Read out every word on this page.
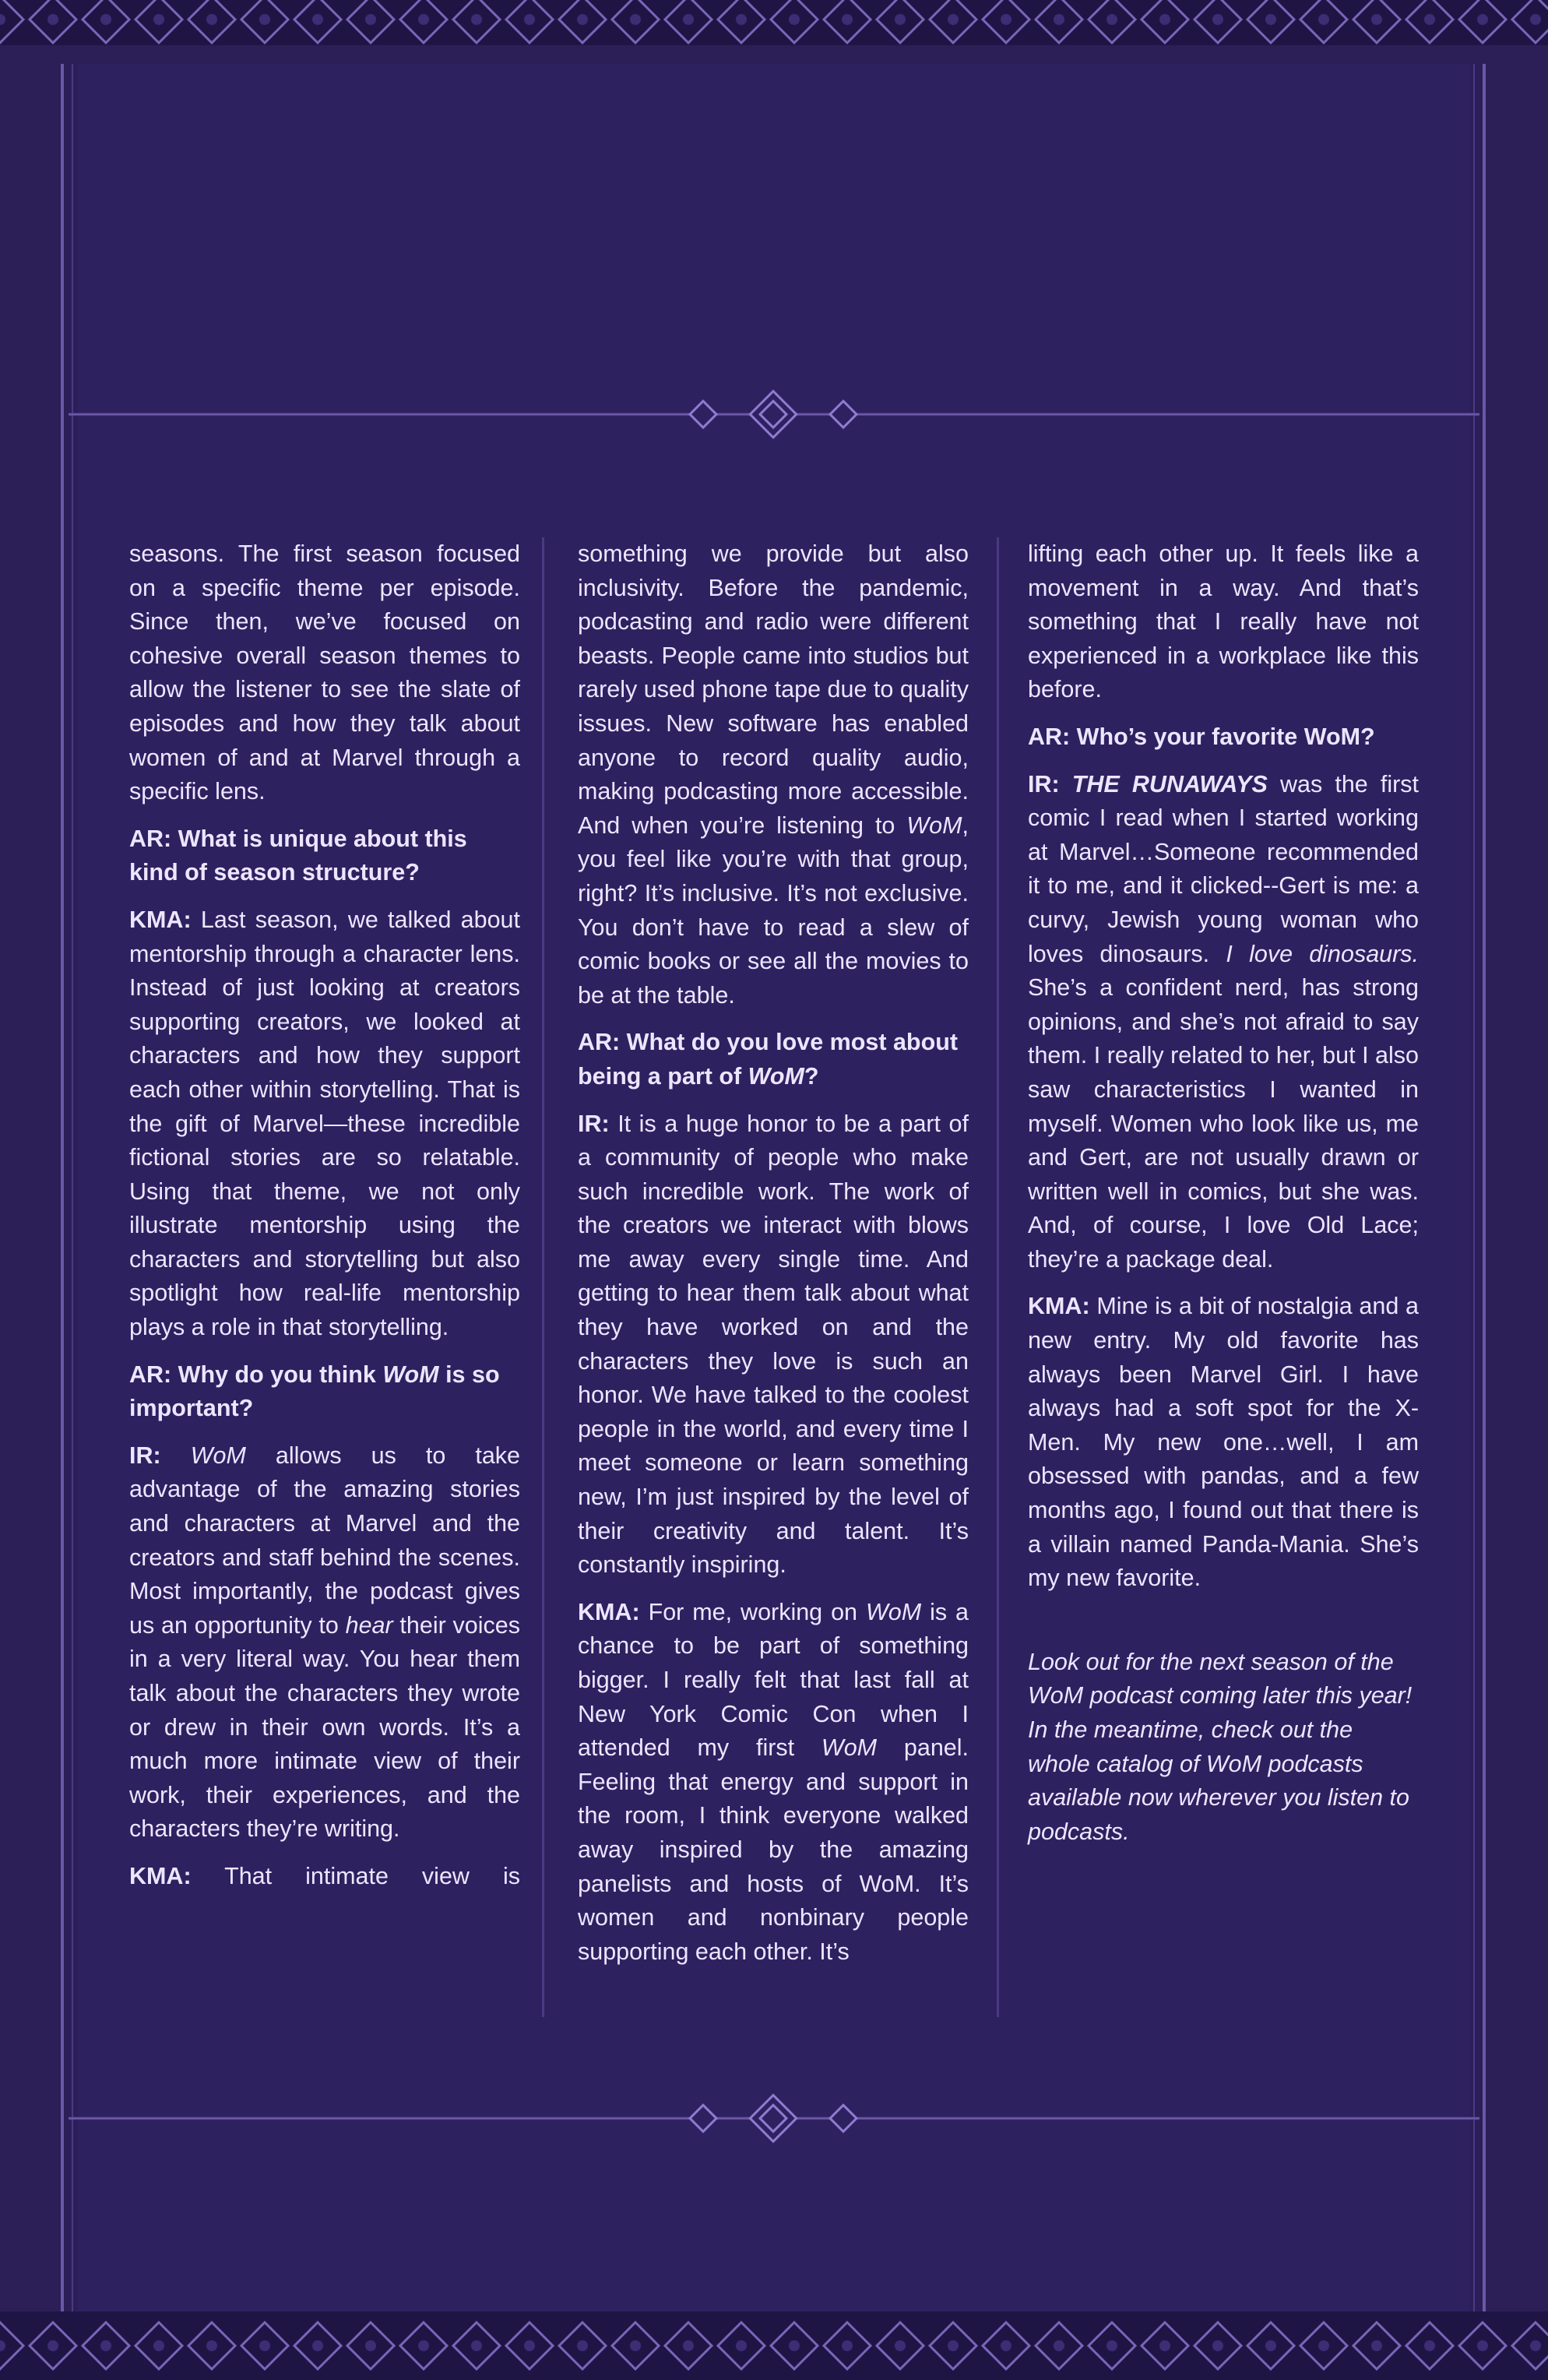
seasons. The first season focused on a specific theme per episode. Since then, we’ve focused on cohesive overall season themes to allow the listener to see the slate of episodes and how they talk about women of and at Marvel through a specific lens.

AR: What is unique about this kind of season structure?

KMA: Last season, we talked about mentorship through a character lens. Instead of just looking at creators supporting creators, we looked at characters and how they support each other within storytelling. That is the gift of Marvel—these incredible fictional stories are so relatable. Using that theme, we not only illustrate mentorship using the characters and storytelling but also spotlight how real-life mentorship plays a role in that storytelling.

AR: Why do you think WoM is so important?

IR: WoM allows us to take advantage of the amazing stories and characters at Marvel and the creators and staff behind the scenes. Most importantly, the podcast gives us an opportunity to hear their voices in a very literal way. You hear them talk about the characters they wrote or drew in their own words. It’s a much more intimate view of their work, their experiences, and the characters they’re writing.

KMA: That intimate view is

something we provide but also inclusivity. Before the pandemic, podcasting and radio were different beasts. People came into studios but rarely used phone tape due to quality issues. New software has enabled anyone to record quality audio, making podcasting more accessible. And when you’re listening to WoM, you feel like you’re with that group, right? It’s inclusive. It’s not exclusive. You don’t have to read a slew of comic books or see all the movies to be at the table.

AR: What do you love most about being a part of WoM?

IR: It is a huge honor to be a part of a community of people who make such incredible work. The work of the creators we interact with blows me away every single time. And getting to hear them talk about what they have worked on and the characters they love is such an honor. We have talked to the coolest people in the world, and every time I meet someone or learn something new, I’m just inspired by the level of their creativity and talent. It’s constantly inspiring.

KMA: For me, working on WoM is a chance to be part of something bigger. I really felt that last fall at New York Comic Con when I attended my first WoM panel. Feeling that energy and support in the room, I think everyone walked away inspired by the amazing panelists and hosts of WoM. It’s women and nonbinary people supporting each other. It’s

lifting each other up. It feels like a movement in a way. And that’s something that I really have not experienced in a workplace like this before.

AR: Who’s your favorite WoM?

IR: THE RUNAWAYS was the first comic I read when I started working at Marvel…Someone recommended it to me, and it clicked--Gert is me: a curvy, Jewish young woman who loves dinosaurs. I love dinosaurs. She’s a confident nerd, has strong opinions, and she’s not afraid to say them. I really related to her, but I also saw characteristics I wanted in myself. Women who look like us, me and Gert, are not usually drawn or written well in comics, but she was. And, of course, I love Old Lace; they’re a package deal.

KMA: Mine is a bit of nostalgia and a new entry. My old favorite has always been Marvel Girl. I have always had a soft spot for the X-Men. My new one…well, I am obsessed with pandas, and a few months ago, I found out that there is a villain named Panda-Mania. She’s my new favorite.

Look out for the next season of the WoM podcast coming later this year! In the meantime, check out the whole catalog of WoM podcasts available now wherever you listen to podcasts.
